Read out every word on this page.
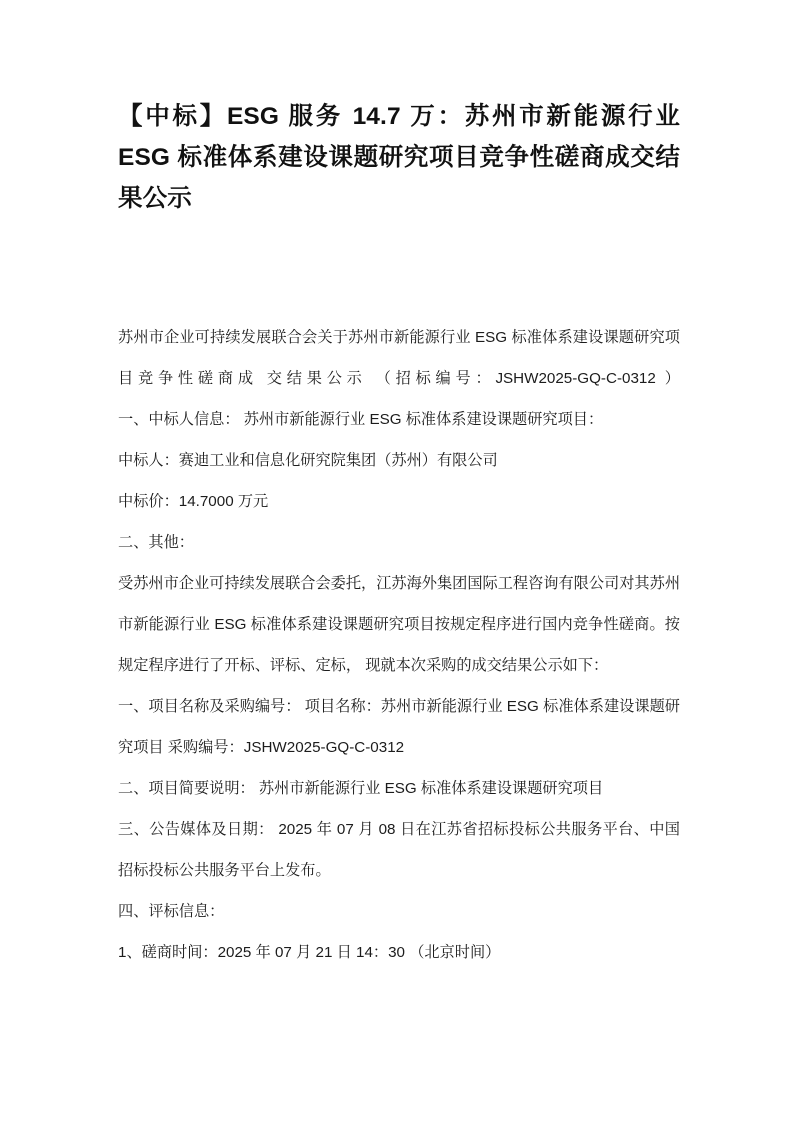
【中标】ESG 服务 14.7 万：苏州市新能源行业 ESG 标准体系建设课题研究项目竞争性磋商成交结果公示

苏州市企业可持续发展联合会关于苏州市新能源行业 ESG 标准体系建设课题研究项目竞争性磋商成 交结果公示 （招标编号：JSHW2025-GQ-C-0312 ）

一、中标人信息： 苏州市新能源行业 ESG 标准体系建设课题研究项目：

中标人：赛迪工业和信息化研究院集团（苏州）有限公司

中标价：14.7000 万元

二、其他：

受苏州市企业可持续发展联合会委托，江苏海外集团国际工程咨询有限公司对其苏州市新能源行业 ESG 标准体系建设课题研究项目按规定程序进行国内竞争性磋商。按规定程序进行了开标、评标、定标， 现就本次采购的成交结果公示如下：

一、项目名称及采购编号： 项目名称：苏州市新能源行业 ESG 标准体系建设课题研究项目 采购编号：JSHW2025-GQ-C-0312

二、项目简要说明： 苏州市新能源行业 ESG 标准体系建设课题研究项目

三、公告媒体及日期： 2025 年 07 月 08 日在江苏省招标投标公共服务平台、中国招标投标公共服务平台上发布。

四、评标信息：

1、磋商时间：2025 年 07 月 21 日 14：30 （北京时间）
